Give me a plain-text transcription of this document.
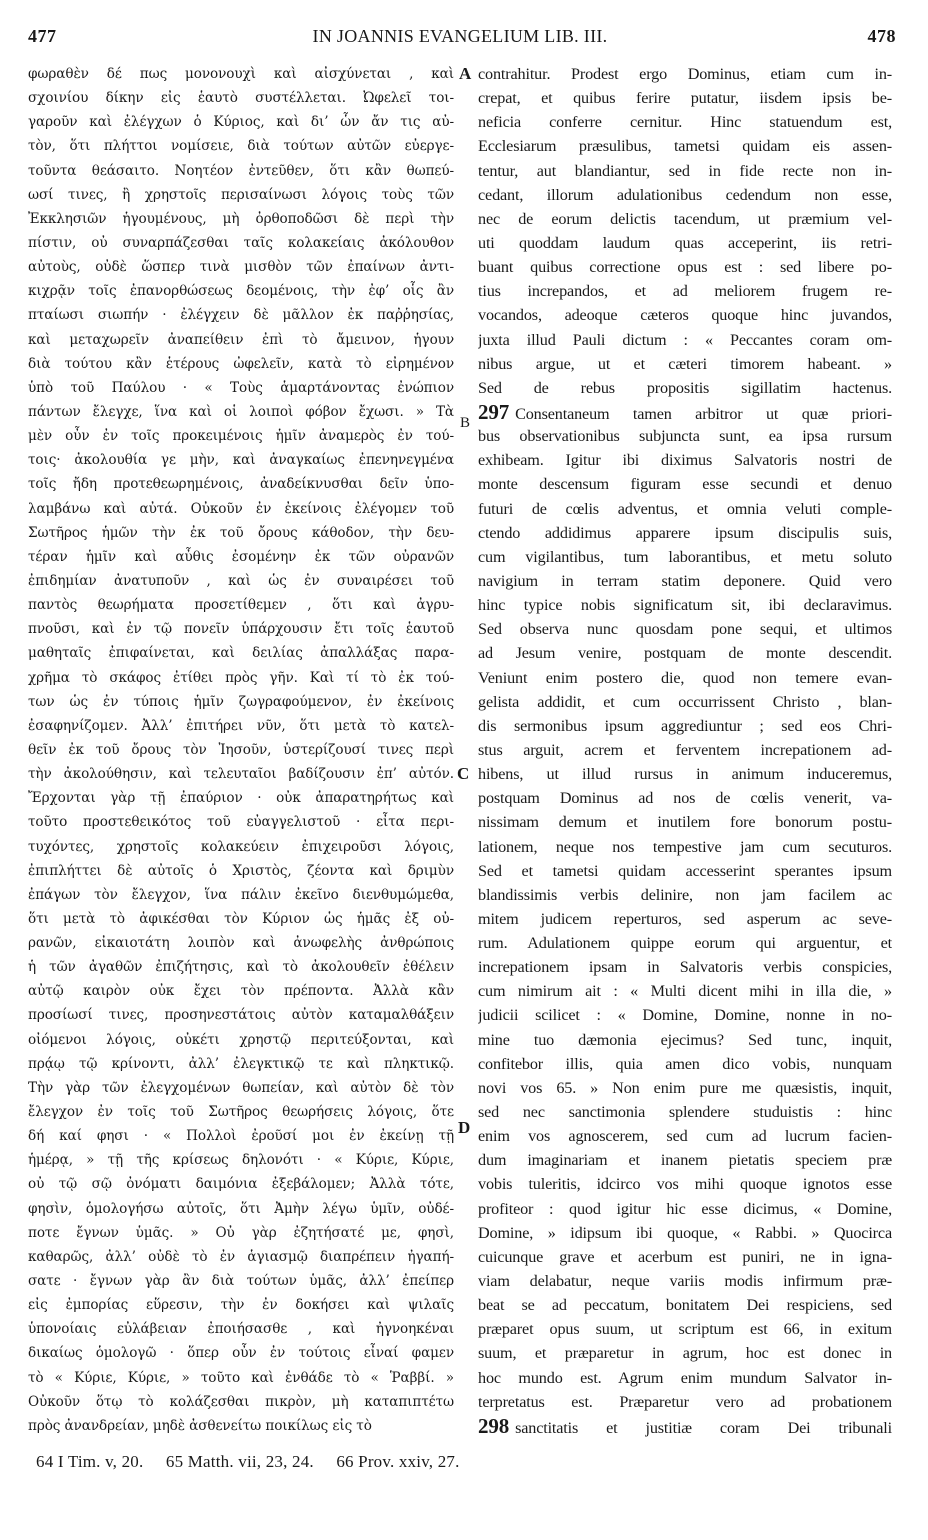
477	IN JOANNIS EVANGELIUM LIB. III.	478
φωραθὲν δέ πως μονονουχὶ καὶ αἰσχύνεται , καὶ
σχοινίου δίκην εἰς ἑαυτὸ συστέλλεται. Ὠφελεῖ τοι-
γαροῦν καὶ ἐλέγχων ὁ Κύριος, καὶ δι’ ὧν ἄν τις αὐ-
τὸν, ὅτι πλήττοι νομίσειε, διὰ τούτων αὐτῶν εὐεργε-
τοῦντα θεάσαιτο. Νοητέον ἐντεῦθεν, ὅτι κἂν θωπεύ-
ωσί τινες, ἢ χρηστοῖς περισαίνωσι λόγοις τοὺς τῶν
Ἐκκλησιῶν ἡγουμένους, μὴ ὀρθοποδῶσι δὲ περὶ τὴν
πίστιν, οὐ συναρπάζεσθαι ταῖς κολακείαις ἀκόλουθον
αὐτοὺς, οὐδὲ ὥσπερ τινὰ μισθὸν τῶν ἐπαίνων ἀντι-
κιχρᾷν τοῖς ἐπανορθώσεως δεομένοις, τὴν ἐφ’ οἷς ἂν
πταίωσι σιωπήν · ἐλέγχειν δὲ μᾶλλον ἐκ παῤῥησίας,
καὶ μεταχωρεῖν ἀναπείθειν ἐπὶ τὸ ἄμεινον, ἡγουν
διὰ τούτου κἂν ἑτέρους ὠφελεῖν, κατὰ τὸ εἰρημένον
ὑπὸ τοῦ Παύλου · « Τοὺς ἁμαρτάνοντας ἐνώπιον
πάντων ἔλεγχε, ἵνα καὶ οἱ λοιποὶ φόβον ἔχωσι. » Τὰ
μὲν οὖν ἐν τοῖς προκειμένοις ἡμῖν ἀναμερὸς ἐν τού-
τοις· ἀκολουθία γε μὴν, καὶ ἀναγκαίως ἐπενηνεγμένα
τοῖς ἤδη προτεθεωρημένοις, ἀναδείκνυσθαι δεῖν ὑπο-
λαμβάνω καὶ αὐτά. Οὐκοῦν ἐν ἐκείνοις ἐλέγομεν τοῦ
Σωτῆρος ἡμῶν τὴν ἐκ τοῦ ὄρους κάθοδον, τὴν δευ-
τέραν ἡμῖν καὶ αὖθις ἐσομένην ἐκ τῶν οὐρανῶν
ἐπιδημίαν ἀνατυποῦν , καὶ ὡς ἐν συναιρέσει τοῦ
παντὸς θεωρήματα προσετίθεμεν , ὅτι καὶ ἀγρυ-
πνοῦσι, καὶ ἐν τῷ πονεῖν ὑπάρχουσιν ἔτι τοῖς ἑαυτοῦ
μαθηταῖς ἐπιφαίνεται, καὶ δειλίας ἀπαλλάξας παρα-
χρῆμα τὸ σκάφος ἐτίθει πρὸς γῆν. Καὶ τί τὸ ἐκ τού-
των ὡς ἐν τύποις ἡμῖν ζωγραφούμενον, ἐν ἐκείνοις
ἐσαφηνίζομεν. Ἀλλ’ ἐπιτήρει νῦν, ὅτι μετὰ τὸ κατελ-
θεῖν ἐκ τοῦ ὄρους τὸν Ἰησοῦν, ὑστερίζουσί τινες περὶ
τὴν ἀκολούθησιν, καὶ τελευταῖοι βαδίζουσιν ἐπ’ αὐτόν.
Ἔρχονται γὰρ τῇ ἐπαύριον · οὐκ ἀπαρατηρήτως καὶ
τοῦτο προστεθεικότος τοῦ εὐαγγελιστοῦ · εἶτα περι-
τυχόντες, χρηστοῖς κολακεύειν ἐπιχειροῦσι λόγοις,
ἐπιπλήττει δὲ αὐτοῖς ὁ Χριστὸς, ζέοντα καὶ δριμὺν
ἐπάγων τὸν ἔλεγχον, ἵνα πάλιν ἐκεῖνο διενθυμώμεθα,
ὅτι μετὰ τὸ ἀφικέσθαι τὸν Κύριον ὡς ἡμᾶς ἐξ οὐ-
ρανῶν, εἰκαιοτάτη λοιπὸν καὶ ἀνωφελὴς ἀνθρώποις
ἡ τῶν ἀγαθῶν ἐπιζήτησις, καὶ τὸ ἀκολουθεῖν ἐθέλειν
αὐτῷ καιρὸν οὐκ ἔχει τὸν πρέποντα. Ἀλλὰ κἂν
προσίωσί τινες, προσηνεστάτοις αὐτὸν καταμαλθάξειν
οἰόμενοι λόγοις, οὐκέτι χρηστῷ περιτεύξονται, καὶ
πρᾴῳ τῷ κρίνοντι, ἀλλ’ ἐλεγκτικῷ τε καὶ πληκτικῷ.
Τὴν γὰρ τῶν ἐλεγχομένων θωπείαν, καὶ αὐτὸν δὲ τὸν
ἔλεγχον ἐν τοῖς τοῦ Σωτῆρος θεωρήσεις λόγοις, ὅτε
δή καί φησι · « Πολλοὶ ἐροῦσί μοι ἐν ἐκείνῃ τῇ
ἡμέρᾳ, » τῇ τῆς κρίσεως δηλονότι · « Κύριε, Κύριε,
οὐ τῷ σῷ ὀνόματι δαιμόνια ἐξεβάλομεν; Ἀλλὰ τότε,
φησὶν, ὁμολογήσω αὐτοῖς, ὅτι Ἀμὴν λέγω ὑμῖν, οὐδέ-
ποτε ἔγνων ὑμᾶς. » Οὐ γὰρ ἐζητήσατέ με, φησὶ,
καθαρῶς, ἀλλ’ οὐδὲ τὸ ἐν ἁγιασμῷ διαπρέπειν ἠγαπή-
σατε · ἔγνων γὰρ ἂν διὰ τούτων ὑμᾶς, ἀλλ’ ἐπείπερ
εἰς ἐμπορίας εὕρεσιν, τὴν ἐν δοκήσει καὶ ψιλαῖς
ὑπονοίαις εὐλάβειαν ἐποιήσασθε , καὶ ἠγνοηκέναι
δικαίως ὁμολογῶ · ὅπερ οὖν ἐν τούτοις εἶναί φαμεν
τὸ « Κύριε, Κύριε, » τοῦτο καὶ ἐνθάδε τὸ « Ῥαββί. »
Οὐκοῦν ὅτῳ τὸ κολάζεσθαι πικρὸν, μὴ καταπιπτέτω
πρὸς ἀνανδρείαν, μηδὲ ἀσθενείτω ποικίλως εἰς τὸ
contrahitur. Prodest ergo Dominus, etiam cum in-
crepat, et quibus ferire putatur, iisdem ipsis be-
neficia conferre cernitur. Hinc statuendum est,
Ecclesiarum præsulibus, tametsi quidam eis assen-
tentur, aut blandiantur, sed in fide recte non in-
cedant, illorum adulationibus cedendum non esse,
nec de eorum delictis tacendum, ut præmium vel-
uti quoddam laudum quas acceperint, iis retri-
buant quibus correctione opus est : sed libere po-
tius increpandos, et ad meliorem frugem re-
vocandos, adeoque cæteros quoque hinc juvandos,
juxta illud Pauli dictum : « Peccantes coram om-
nibus argue, ut et cæteri timorem habeant. »
Sed de rebus propositis sigillatim hactenus.
297 Consentaneum tamen arbitror ut quæ priori-
bus observationibus subjuncta sunt, ea ipsa rursum
exhibeam. Igitur ibi diximus Salvatoris nostri de
monte descensum figuram esse secundi et denuo
futuri de cœlis adventus, et omnia veluti comple-
ctendo addidimus apparere ipsum discipulis suis,
cum vigilantibus, tum laborantibus, et metu soluto
navigium in terram statim deponere. Quid vero
hinc typice nobis significatum sit, ibi declaravimus.
Sed observa nunc quosdam pone sequi, et ultimos
ad Jesum venire, postquam de monte descendit.
Veniunt enim postero die, quod non temere evan-
gelista addidit, et cum occurrissent Christo , blan-
dis sermonibus ipsum aggrediuntur ; sed eos Chri-
stus arguit, acrem et ferventem increpationem ad-
hibens, ut illud rursus in animum induceremus,
postquam Dominus ad nos de cœlis venerit, va-
nissimam demum et inutilem fore bonorum postu-
lationem, neque nos tempestive jam cum secuturos.
Sed et tametsi quidam accesserint sperantes ipsum
blandissimis verbis delinire, non jam facilem ac
mitem judicem reperturos, sed asperum ac seve-
rum. Adulationem quippe eorum qui arguentur, et
increpationem ipsam in Salvatoris verbis conspicies,
cum nimirum ait : « Multi dicent mihi in illa die, »
judicii scilicet : « Domine, Domine, nonne in no-
mine tuo dæmonia ejecimus? Sed tunc, inquit,
confitebor illis, quia amen dico vobis, nunquam
novi vos 65. » Non enim pure me quæsistis, inquit,
sed nec sanctimonia splendere studuistis : hinc
enim vos agnoscerem, sed cum ad lucrum facien-
dum imaginariam et inanem pietatis speciem præ
vobis tuleritis, idcirco vos mihi quoque ignotos esse
profiteor : quod igitur hic esse dicimus, « Domine,
Domine, » idipsum ibi quoque, « Rabbi. » Quocirca
cuicunque grave et acerbum est puniri, ne in igna-
viam delabatur, neque variis modis infirmum præ-
beat se ad peccatum, bonitatem Dei respiciens, sed
præparet opus suum, ut scriptum est 66, in exitum
suum, et præparetur in agrum, hoc est donec in
hoc mundo est. Agrum enim mundum Salvator in-
terpretatus est. Præparetur vero ad probationem
298 sanctitatis et justitiæ coram Dei tribunali
A
B
C
D
64 I Tim. v, 20. 65 Matth. vii, 23, 24. 66 Prov. xxiv, 27.
